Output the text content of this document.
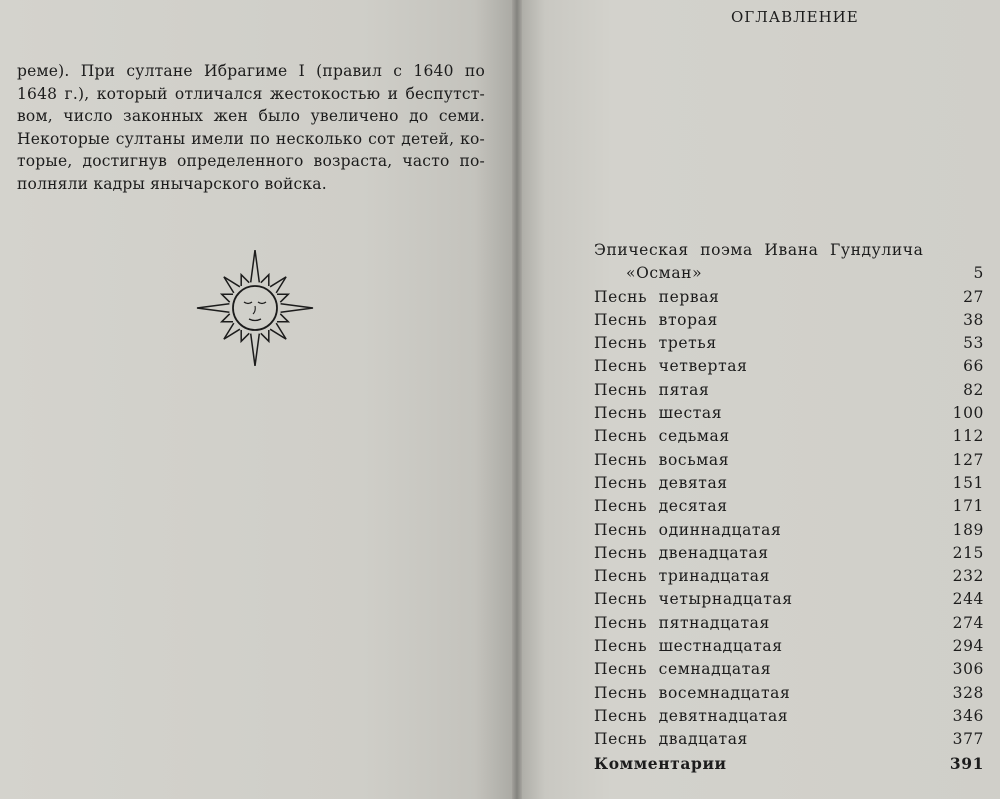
реме). При султане Ибрагиме I (правил с 1640 по
1648 г.), который отличался жестокостью и беспутст-
вом, число законных жен было увеличено до семи.
Некоторые султаны имели по несколько сот детей, ко-
торые, достигнув определенного возраста, часто по-
полняли кадры янычарского войска.
ОГЛАВЛЕНИЕ
Эпическая поэма Ивана Гундулича
«Осман»	5
Песнь первая	27
Песнь вторая	38
Песнь третья	53
Песнь четвертая	66
Песнь пятая	82
Песнь шестая	100
Песнь седьмая	112
Песнь восьмая	127
Песнь девятая	151
Песнь десятая	171
Песнь одиннадцатая	189
Песнь двенадцатая	215
Песнь тринадцатая	232
Песнь четырнадцатая	244
Песнь пятнадцатая	274
Песнь шестнадцатая	294
Песнь семнадцатая	306
Песнь восемнадцатая	328
Песнь девятнадцатая	346
Песнь двадцатая	377
Комментарии	391
